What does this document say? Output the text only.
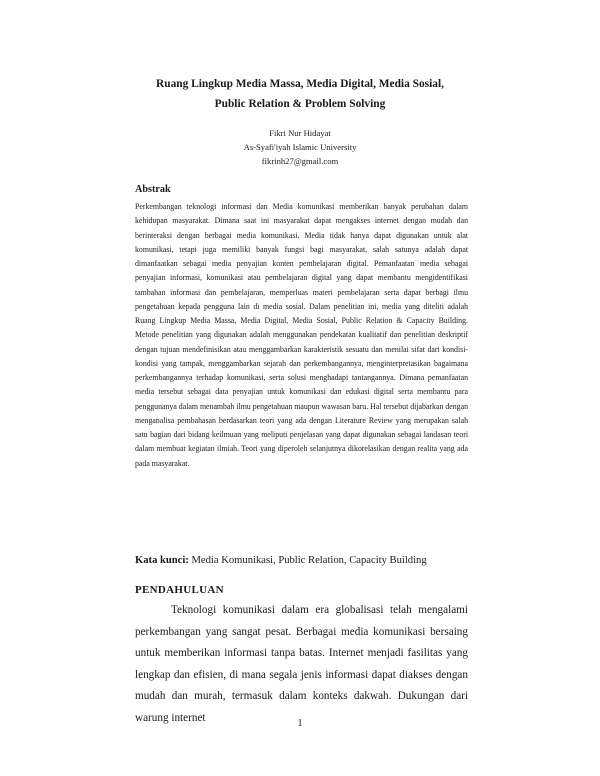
Ruang Lingkup Media Massa, Media Digital, Media Sosial,
Public Relation & Problem Solving
Fikri Nur Hidayat
As-Syafi'iyah Islamic University
fikrinh27@gmail.com
Abstrak

Perkembangan teknologi informasi dan Media komunikasi memberikan banyak perubahan dalam kehidupan masyarakat. Dimana saat ini masyarakat dapat mengakses internet dengan mudah dan berinteraksi dengan berbagai media komunikasi. Media tidak hanya dapat digunakan untuk alat komunikasi, tetapi juga memiliki banyak fungsi bagi masyarakat, salah satunya adalah dapat dimanfaatkan sebagai media penyajian konten pembelajaran digital. Pemanfaatan media sebagai penyajian informasi, komunikasi atau pembelajaran digital yang dapat membantu mengidentifikasi tambahan informasi dan pembelajaran, memperluas materi pembelajaran serta dapat berbagi ilmu pengetahuan kepada pengguna lain di media sosial. Dalam penelitian ini, media yang diteliti adalah Ruang Lingkup Media Massa, Media Digital, Media Sosial, Public Relation & Capacity Building. Metode penelitian yang digunakan adalah menggunakan pendekatan kualitatif dan penelitian deskriptif dengan tujuan mendefinisikan atau menggambarkan karakteristik sesuatu dan menilai sifat dari kondisi-kondisi yang tampak, menggambarkan sejarah dan perkembangannya, menginterpretasikan bagaimana perkembangannya terhadap komunikasi, serta solusi menghadapi tantangannya. Dimana pemanfaatan media tersebut sebagai data penyajian untuk komunikasi dan edukasi digital serta membantu para penggunanya dalam menambah ilmu pengetahuan maupun wawasan baru. Hal tersebut dijabarkan dengan menganalisa pembahasan berdasarkan teori yang ada dengan Literature Review yang merupakan salah satu bagian dari bidang keilmuan yang meliputi penjelasan yang dapat digunakan sebagai landasan teori dalam membuat kegiatan ilmiah. Teori yang diperoleh selanjutnya dikorelasikan dengan realita yang ada pada masyarakat.

Kata kunci: Media Komunikasi, Public Relation, Capacity Building
PENDAHULUAN

Teknologi komunikasi dalam era globalisasi telah mengalami perkembangan yang sangat pesat. Berbagai media komunikasi bersaing untuk memberikan informasi tanpa batas. Internet menjadi fasilitas yang lengkap dan efisien, di mana segala jenis informasi dapat diakses dengan mudah dan murah, termasuk dalam konteks dakwah. Dukungan dari warung internet	1
